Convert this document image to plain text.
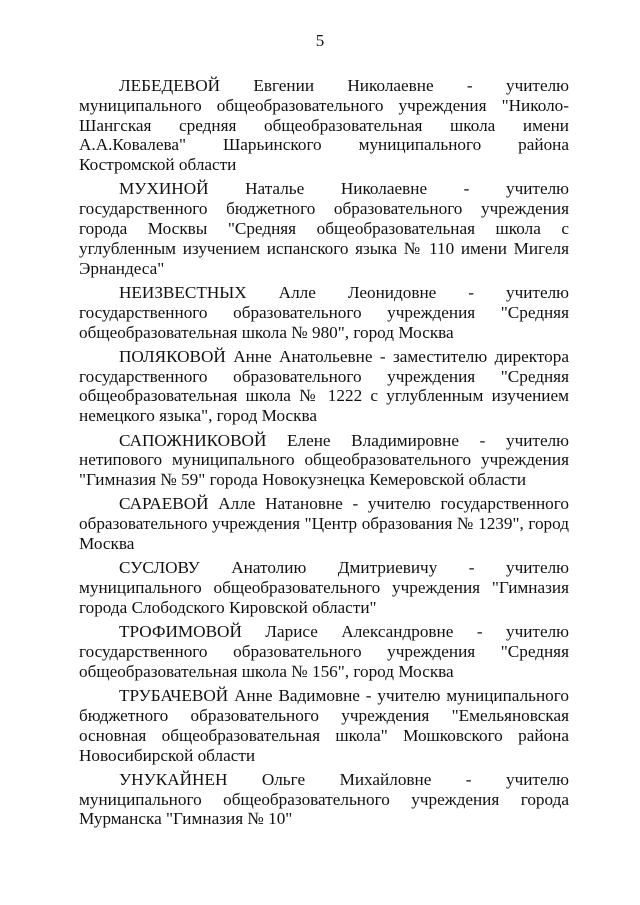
5

ЛЕБЕДЕВОЙ Евгении Николаевне - учителю муниципального общеобразовательного учреждения "Николо-Шангская средняя общеобразовательная школа имени А.А.Ковалева" Шарьинского муниципального района Костромской области

МУХИНОЙ Наталье Николаевне - учителю государственного бюджетного образовательного учреждения города Москвы "Средняя общеобразовательная школа с углубленным изучением испанского языка № 110 имени Мигеля Эрнандеса"

НЕИЗВЕСТНЫХ Алле Леонидовне - учителю государственного образовательного учреждения "Средняя общеобразовательная школа № 980", город Москва

ПОЛЯКОВОЙ Анне Анатольевне - заместителю директора государственного образовательного учреждения "Средняя общеобразовательная школа № 1222 с углубленным изучением немецкого языка", город Москва

САПОЖНИКОВОЙ Елене Владимировне - учителю нетипового муниципального общеобразовательного учреждения "Гимназия № 59" города Новокузнецка Кемеровской области

САРАЕВОЙ Алле Натановне - учителю государственного образовательного учреждения "Центр образования № 1239", город Москва

СУСЛОВУ Анатолию Дмитриевичу - учителю муниципального общеобразовательного учреждения "Гимназия города Слободского Кировской области"

ТРОФИМОВОЙ Ларисе Александровне - учителю государственного образовательного учреждения "Средняя общеобразовательная школа № 156", город Москва

ТРУБАЧЕВОЙ Анне Вадимовне - учителю муниципального бюджетного образовательного учреждения "Емельяновская основная общеобразовательная школа" Мошковского района Новосибирской области

УНУКАЙНЕН Ольге Михайловне - учителю муниципального общеобразовательного учреждения города Мурманска "Гимназия № 10"
